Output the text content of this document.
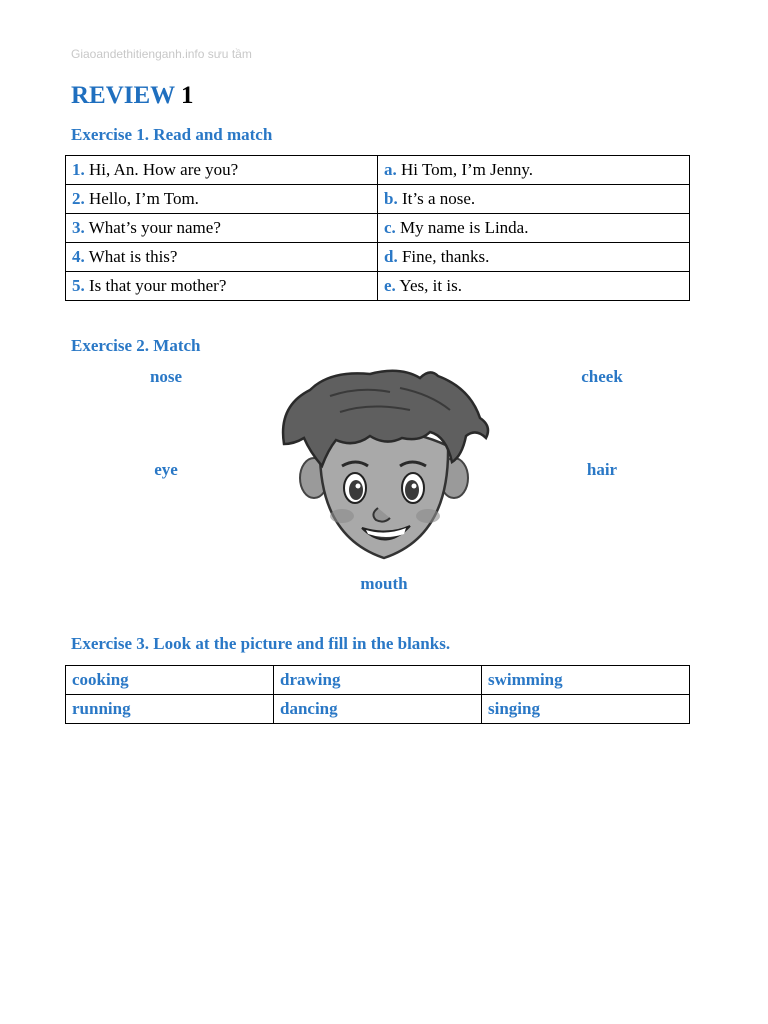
Giaoandethitienganh.info sưu tầm
REVIEW 1
Exercise 1. Read and match
1. Hi, An. How are you?	a. Hi Tom, I’m Jenny.
2. Hello, I’m Tom.	b. It’s a nose.
3. What’s your name?	c. My name is Linda.
4. What is this?	d. Fine, thanks.
5. Is that your mother?	e. Yes, it is.
Exercise 2. Match
nose	cheek
eye	hair
mouth
Exercise 3. Look at the picture and fill in the blanks.
cooking	drawing	swimming
running	dancing	singing
